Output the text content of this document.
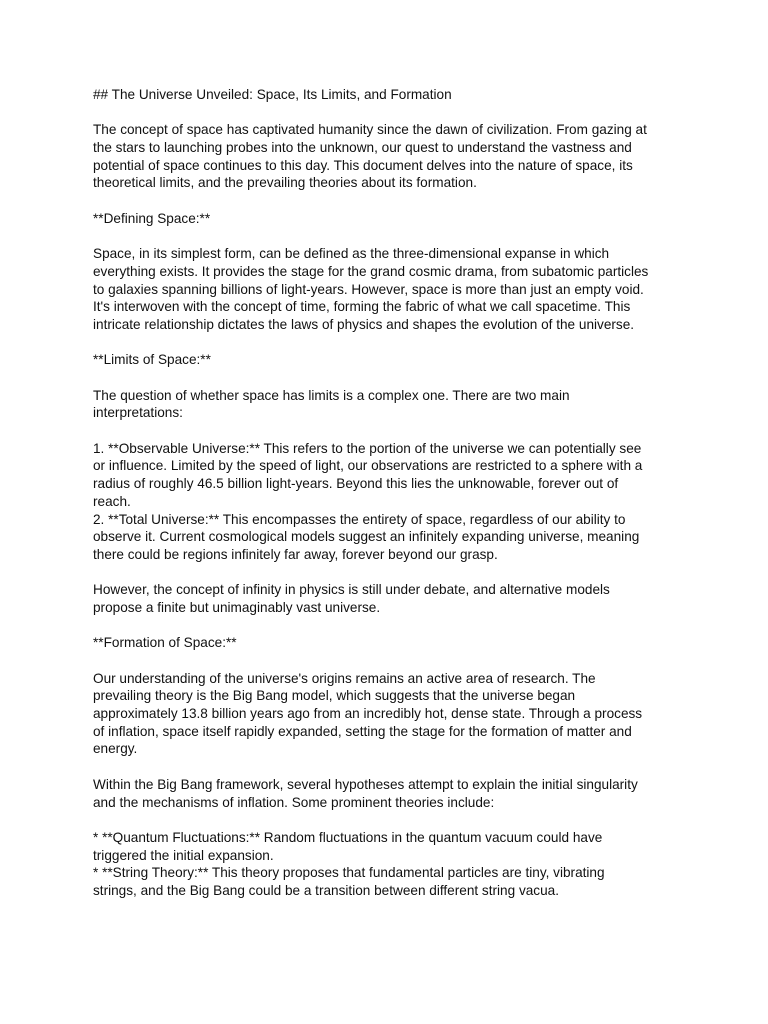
## The Universe Unveiled: Space, Its Limits, and Formation
The concept of space has captivated humanity since the dawn of civilization. From gazing at
the stars to launching probes into the unknown, our quest to understand the vastness and
potential of space continues to this day. This document delves into the nature of space, its
theoretical limits, and the prevailing theories about its formation.
**Defining Space:**
Space, in its simplest form, can be defined as the three-dimensional expanse in which
everything exists. It provides the stage for the grand cosmic drama, from subatomic particles
to galaxies spanning billions of light-years. However, space is more than just an empty void.
It's interwoven with the concept of time, forming the fabric of what we call spacetime. This
intricate relationship dictates the laws of physics and shapes the evolution of the universe.
**Limits of Space:**
The question of whether space has limits is a complex one. There are two main
interpretations:
1. **Observable Universe:** This refers to the portion of the universe we can potentially see
or influence. Limited by the speed of light, our observations are restricted to a sphere with a
radius of roughly 46.5 billion light-years. Beyond this lies the unknowable, forever out of
reach.
2. **Total Universe:** This encompasses the entirety of space, regardless of our ability to
observe it. Current cosmological models suggest an infinitely expanding universe, meaning
there could be regions infinitely far away, forever beyond our grasp.
However, the concept of infinity in physics is still under debate, and alternative models
propose a finite but unimaginably vast universe.
**Formation of Space:**
Our understanding of the universe's origins remains an active area of research. The
prevailing theory is the Big Bang model, which suggests that the universe began
approximately 13.8 billion years ago from an incredibly hot, dense state. Through a process
of inflation, space itself rapidly expanded, setting the stage for the formation of matter and
energy.
Within the Big Bang framework, several hypotheses attempt to explain the initial singularity
and the mechanisms of inflation. Some prominent theories include:
* **Quantum Fluctuations:** Random fluctuations in the quantum vacuum could have
triggered the initial expansion.
* **String Theory:** This theory proposes that fundamental particles are tiny, vibrating
strings, and the Big Bang could be a transition between different string vacua.
